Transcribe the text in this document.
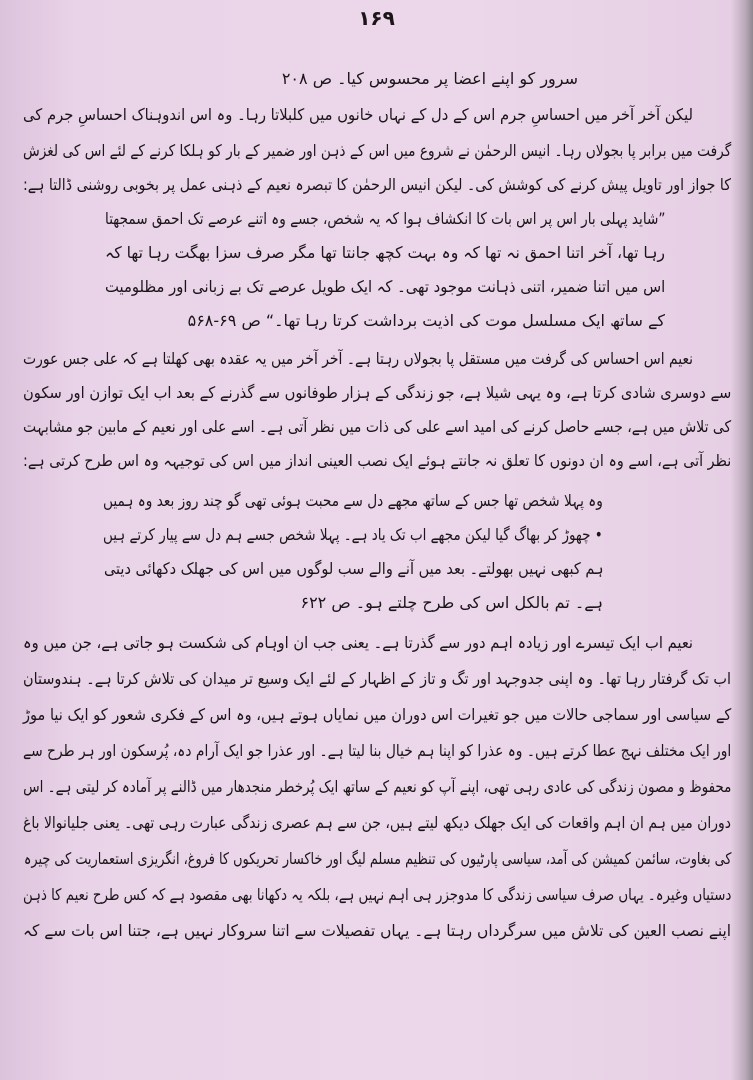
۱۶۹
سرور کو اپنے اعضا پر محسوس کیا۔ ص ۲۰۸
لیکن آخر آخر میں احساسِ جرم اس کے دل کے نہاں خانوں میں کلبلاتا رہا۔ وہ اس اندوہناک احساسِ جرم کی
گرفت میں برابر پا بجولاں رہا۔ انیس الرحمٰن نے شروع میں اس کے ذہن اور ضمیر کے بار کو ہلکا کرنے کے لئے اس کی لغزش
کا جواز اور تاویل پیش کرنے کی کوشش کی۔ لیکن انیس الرحمٰن کا تبصرہ نعیم کے ذہنی عمل پر بخوبی روشنی ڈالتا ہے:
”شاید پہلی بار اس پر اس بات کا انکشاف ہوا کہ یہ شخص، جسے وہ اتنے عرصے تک احمق سمجھتا
رہا تھا، آخر اتنا احمق نہ تھا کہ وہ بہت کچھ جانتا تھا مگر صرف سزا بھگت رہا تھا کہ
اس میں اتنا ضمیر، اتنی ذہانت موجود تھی۔ کہ ایک طویل عرصے تک بے زبانی اور مظلومیت
کے ساتھ ایک مسلسل موت کی اذیت برداشت کرتا رہا تھا۔“ ص ۶۹-۵۶۸
نعیم اس احساس کی گرفت میں مستقل پا بجولاں رہتا ہے۔ آخر آخر میں یہ عقدہ بھی کھلتا ہے کہ علی جس عورت
سے دوسری شادی کرتا ہے، وہ یہی شیلا ہے، جو زندگی کے ہزار طوفانوں سے گذرنے کے بعد اب ایک توازن اور سکون
کی تلاش میں ہے، جسے حاصل کرنے کی امید اسے علی کی ذات میں نظر آتی ہے۔ اسے علی اور نعیم کے مابین جو مشابہت
نظر آتی ہے، اسے وہ ان دونوں کا تعلق نہ جانتے ہوئے ایک نصب العینی انداز میں اس کی توجیہہ وہ اس طرح کرتی ہے:
وہ پہلا شخص تھا جس کے ساتھ مجھے دل سے محبت ہوئی تھی گو چند روز بعد وہ ہمیں
• چھوڑ کر بھاگ گیا لیکن مجھے اب تک یاد ہے۔ پہلا شخص جسے ہم دل سے پیار کرتے ہیں
ہم کبھی نہیں بھولتے۔ بعد میں آنے والے سب لوگوں میں اس کی جھلک دکھائی دیتی
ہے۔ تم بالکل اس کی طرح چلتے ہو۔ ص ۶۲۲
نعیم اب ایک تیسرے اور زیادہ اہم دور سے گذرتا ہے۔ یعنی جب ان اوہام کی شکست ہو جاتی ہے، جن میں وہ
اب تک گرفتار رہا تھا۔ وہ اپنی جدوجہد اور تگ و تاز کے اظہار کے لئے ایک وسیع تر میدان کی تلاش کرتا ہے۔ ہندوستان
کے سیاسی اور سماجی حالات میں جو تغیرات اس دوران میں نمایاں ہوتے ہیں، وہ اس کے فکری شعور کو ایک نیا موڑ
اور ایک مختلف نہج عطا کرتے ہیں۔ وہ عذرا کو اپنا ہم خیال بنا لیتا ہے۔ اور عذرا جو ایک آرام دہ، پُرسکون اور ہر طرح سے
محفوظ و مصون زندگی کی عادی رہی تھی، اپنے آپ کو نعیم کے ساتھ ایک پُرخطر منجدھار میں ڈالنے پر آمادہ کر لیتی ہے۔ اس
دوران میں ہم ان اہم واقعات کی ایک جھلک دیکھ لیتے ہیں، جن سے ہم عصری زندگی عبارت رہی تھی۔ یعنی جلیانوالا باغ
کی بغاوت، سائمن کمیشن کی آمد، سیاسی پارٹیوں کی تنظیم مسلم لیگ اور خاکسار تحریکوں کا فروغ، انگریزی استعماریت کی چیرہ
دستیاں وغیرہ۔ یہاں صرف سیاسی زندگی کا مدوجزر ہی اہم نہیں ہے، بلکہ یہ دکھانا بھی مقصود ہے کہ کس طرح نعیم کا ذہن
اپنے نصب العین کی تلاش میں سرگرداں رہتا ہے۔ یہاں تفصیلات سے اتنا سروکار نہیں ہے، جتنا اس بات سے کہ
